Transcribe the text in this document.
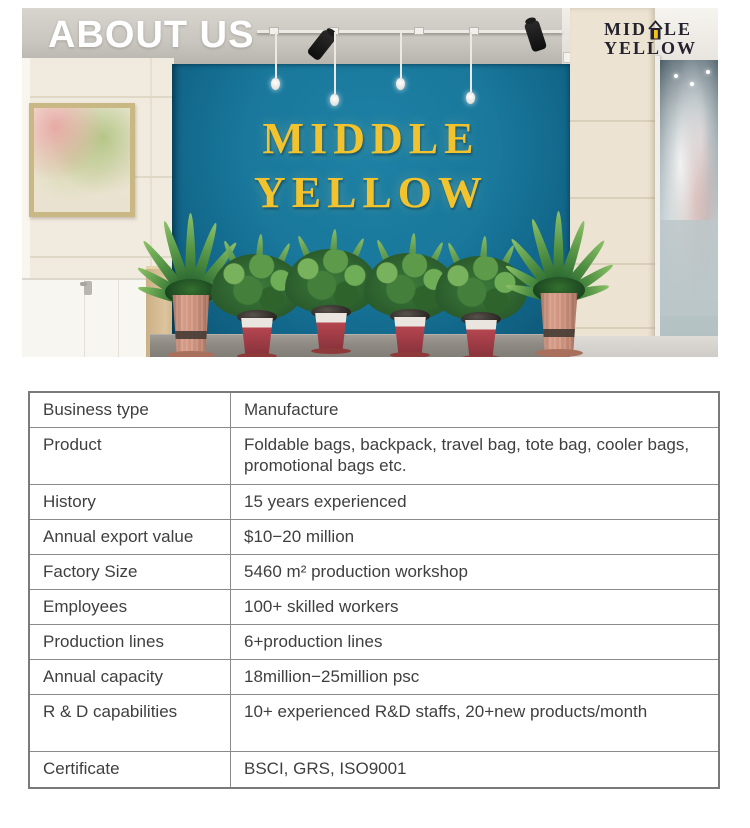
MIDDLE
YELLOW
ABOUT US	MID LE
YELLOW
Business type	Manufacture
Product	Foldable bags, backpack, travel bag, tote bag, cooler bags, promotional bags etc.
History	15 years experienced
Annual export value	$10−20 million
Factory Size	5460 m² production workshop
Employees	100+ skilled workers
Production lines	6+production lines
Annual capacity	18million−25million psc
R & D capabilities	10+ experienced R&D staffs, 20+new products/month
Certificate	BSCI, GRS, ISO9001
